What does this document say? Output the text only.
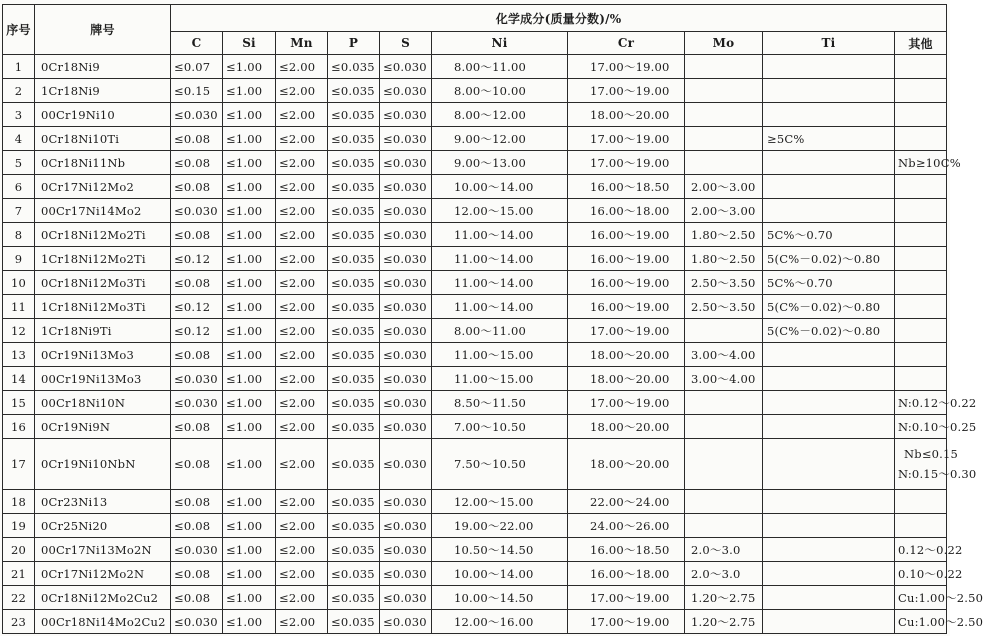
序号	牌号	化学成分(质量分数)/%									
		C	Si	Mn	P	S	Ni	Cr	Mo	Ti	其他
1	0Cr18Ni9	≤0.07	≤1.00	≤2.00	≤0.035	≤0.030	8.00～11.00	17.00～19.00			
2	1Cr18Ni9	≤0.15	≤1.00	≤2.00	≤0.035	≤0.030	8.00～10.00	17.00～19.00			
3	00Cr19Ni10	≤0.030	≤1.00	≤2.00	≤0.035	≤0.030	8.00～12.00	18.00～20.00			
4	0Cr18Ni10Ti	≤0.08	≤1.00	≤2.00	≤0.035	≤0.030	9.00～12.00	17.00～19.00		≥5C%	
5	0Cr18Ni11Nb	≤0.08	≤1.00	≤2.00	≤0.035	≤0.030	9.00～13.00	17.00～19.00			Nb≥10C%
6	0Cr17Ni12Mo2	≤0.08	≤1.00	≤2.00	≤0.035	≤0.030	10.00～14.00	16.00～18.50	2.00～3.00		
7	00Cr17Ni14Mo2	≤0.030	≤1.00	≤2.00	≤0.035	≤0.030	12.00～15.00	16.00～18.00	2.00～3.00		
8	0Cr18Ni12Mo2Ti	≤0.08	≤1.00	≤2.00	≤0.035	≤0.030	11.00～14.00	16.00～19.00	1.80～2.50	5C%～0.70	
9	1Cr18Ni12Mo2Ti	≤0.12	≤1.00	≤2.00	≤0.035	≤0.030	11.00～14.00	16.00～19.00	1.80～2.50	5(C%－0.02)～0.80	
10	0Cr18Ni12Mo3Ti	≤0.08	≤1.00	≤2.00	≤0.035	≤0.030	11.00～14.00	16.00～19.00	2.50～3.50	5C%～0.70	
11	1Cr18Ni12Mo3Ti	≤0.12	≤1.00	≤2.00	≤0.035	≤0.030	11.00～14.00	16.00～19.00	2.50～3.50	5(C%－0.02)～0.80	
12	1Cr18Ni9Ti	≤0.12	≤1.00	≤2.00	≤0.035	≤0.030	8.00～11.00	17.00～19.00		5(C%－0.02)～0.80	
13	0Cr19Ni13Mo3	≤0.08	≤1.00	≤2.00	≤0.035	≤0.030	11.00～15.00	18.00～20.00	3.00～4.00		
14	00Cr19Ni13Mo3	≤0.030	≤1.00	≤2.00	≤0.035	≤0.030	11.00～15.00	18.00～20.00	3.00～4.00		
15	00Cr18Ni10N	≤0.030	≤1.00	≤2.00	≤0.035	≤0.030	8.50～11.50	17.00～19.00			N:0.12～0.22
16	0Cr19Ni9N	≤0.08	≤1.00	≤2.00	≤0.035	≤0.030	7.00～10.50	18.00～20.00			N:0.10～0.25
17	0Cr19Ni10NbN	≤0.08	≤1.00	≤2.00	≤0.035	≤0.030	7.50～10.50	18.00～20.00			Nb≤0.15
N:0.15～0.30

18	0Cr23Ni13	≤0.08	≤1.00	≤2.00	≤0.035	≤0.030	12.00～15.00	22.00～24.00			
19	0Cr25Ni20	≤0.08	≤1.00	≤2.00	≤0.035	≤0.030	19.00～22.00	24.00～26.00			
20	00Cr17Ni13Mo2N	≤0.030	≤1.00	≤2.00	≤0.035	≤0.030	10.50～14.50	16.00～18.50	2.0～3.0		0.12～0.22
21	0Cr17Ni12Mo2N	≤0.08	≤1.00	≤2.00	≤0.035	≤0.030	10.00～14.00	16.00～18.00	2.0～3.0		0.10～0.22
22	0Cr18Ni12Mo2Cu2	≤0.08	≤1.00	≤2.00	≤0.035	≤0.030	10.00～14.50	17.00～19.00	1.20～2.75		Cu:1.00～2.50
23	00Cr18Ni14Mo2Cu2	≤0.030	≤1.00	≤2.00	≤0.035	≤0.030	12.00～16.00	17.00～19.00	1.20～2.75		Cu:1.00～2.50
